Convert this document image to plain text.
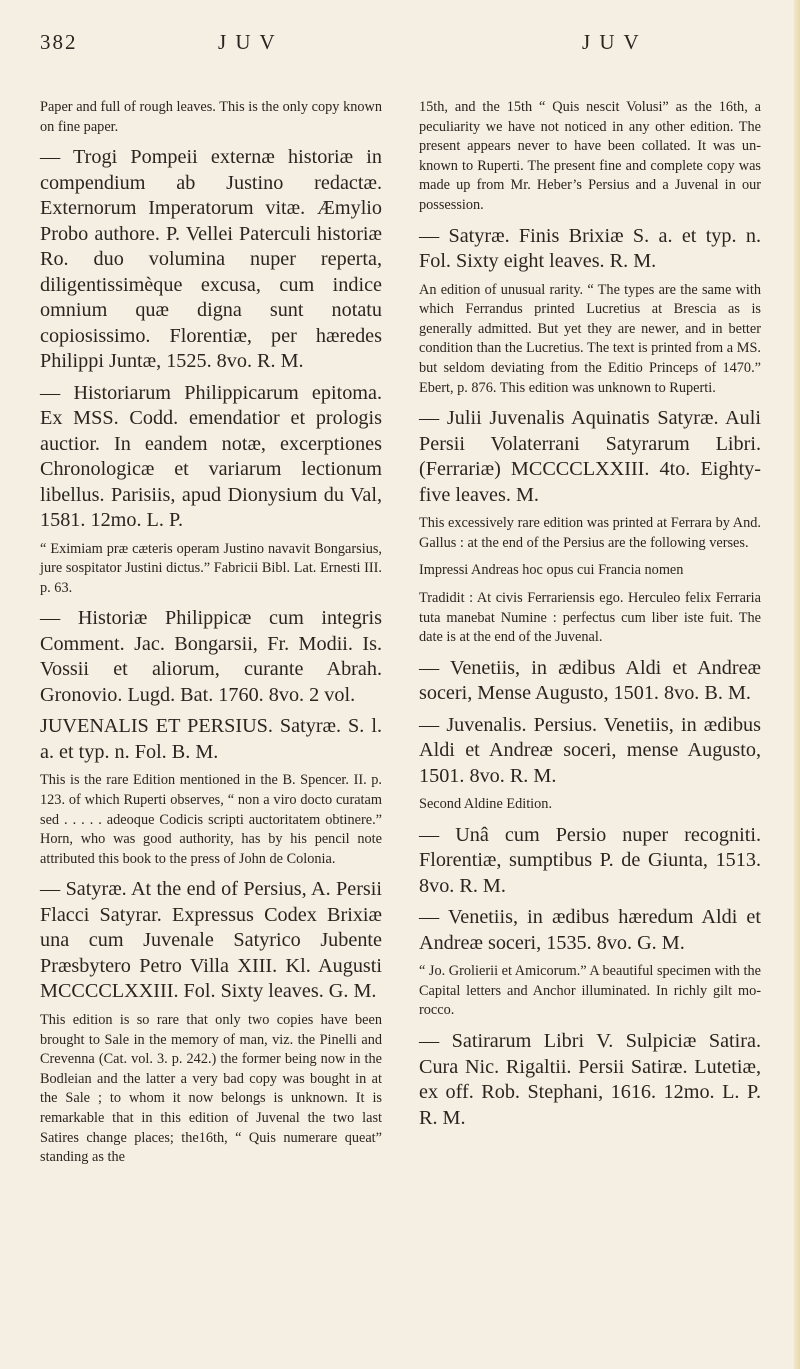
382	J U V	J U V

Paper and full of rough leaves. This is the only copy known on fine paper.

— Trogi Pompeii externæ historiæ in compendium ab Justino redactæ. Externorum Imperatorum vitæ. Æmylio Probo authore. P. Vellei Paterculi historiæ Ro. duo volumina nuper reperta, diligentissimèque excusa, cum indice omnium quæ digna sunt notatu copiosissimo. Florentiæ, per hæredes Philippi Juntæ, 1525. 8vo. R. M.

— Historiarum Philippicarum epitoma. Ex MSS. Codd. emendatior et prologis auctior. In eandem notæ, excerptiones Chronologicæ et variarum lectionum libellus. Parisiis, apud Dionysium du Val, 1581. 12mo. L. P.

“ Eximiam præ cæteris operam Justino navavit Bongarsius, jure sospitator Justini dictus.” Fabricii Bibl. Lat. Ernesti III. p. 63.

— Historiæ Philippicæ cum integris Comment. Jac. Bongarsii, Fr. Modii. Is. Vossii et aliorum, curante Abrah. Gronovio. Lugd. Bat. 1760. 8vo. 2 vol.

JUVENALIS ET PERSIUS. Satyræ. S. l. a. et typ. n. Fol. B. M.

This is the rare Edition mentioned in the B. Spencer. II. p. 123. of which Ruperti observes, “ non a viro docto curatam sed . . . . . adeoque Codicis scripti auctoritatem obtinere.” Horn, who was good authority, has by his pencil note attributed this book to the press of John de Colonia.

— Satyræ. At the end of Persius, A. Persii Flacci Satyrar. Expressus Codex Brixiæ una cum Juvenale Satyrico Jubente Præsbytero Petro Villa XIII. Kl. Augusti MCCCCLXXIII. Fol. Sixty leaves. G. M.

This edition is so rare that only two copies have been brought to Sale in the memory of man, viz. the Pinelli and Crevenna (Cat. vol. 3. p. 242.) the former being now in the Bodleian and the latter a very bad copy was bought in at the Sale ; to whom it now belongs is unknown. It is remarkable that in this edition of Juvenal the two last Satires change places; the16th, “ Quis numerare queat” standing as the

15th, and the 15th “ Quis nescit Volusi” as the 16th, a peculiarity we have not noticed in any other edition. The present appears never to have been collated. It was unknown to Ruperti. The present fine and complete copy was made up from Mr. Heber’s Persius and a Juvenal in our possession.

— Satyræ. Finis Brixiæ S. a. et typ. n. Fol. Sixty eight leaves. R. M.

An edition of unusual rarity. “ The types are the same with which Ferrandus printed Lucretius at Brescia as is generally admitted. But yet they are newer, and in better condition than the Lucretius. The text is printed from a MS. but seldom deviating from the Editio Princeps of 1470.” Ebert, p. 876. This edition was unknown to Ruperti.

— Julii Juvenalis Aquinatis Satyræ. Auli Persii Volaterrani Satyrarum Libri. (Ferrariæ) MCCCCLXXIII. 4to. Eighty-five leaves. M.

This excessively rare edition was printed at Ferrara by And. Gallus : at the end of the Persius are the following verses.

Impressi Andreas hoc opus cui Francia nomen

Tradidit : At civis Ferrariensis ego. Herculeo felix Ferraria tuta manebat Numine : perfectus cum liber iste fuit. The date is at the end of the Juvenal.

— Venetiis, in ædibus Aldi et Andreæ soceri, Mense Augusto, 1501. 8vo. B. M.

— Juvenalis. Persius. Venetiis, in ædibus Aldi et Andreæ soceri, mense Augusto, 1501. 8vo. R. M.

Second Aldine Edition.

— Unâ cum Persio nuper recogniti. Florentiæ, sumptibus P. de Giunta, 1513. 8vo. R. M.

— Venetiis, in ædibus hæredum Aldi et Andreæ soceri, 1535. 8vo. G. M.

“ Jo. Grolierii et Amicorum.” A beautiful specimen with the Capital letters and Anchor illuminated. In richly gilt morocco.

— Satirarum Libri V. Sulpiciæ Satira. Cura Nic. Rigaltii. Persii Satiræ. Lutetiæ, ex off. Rob. Stephani, 1616. 12mo. L. P. R. M.
